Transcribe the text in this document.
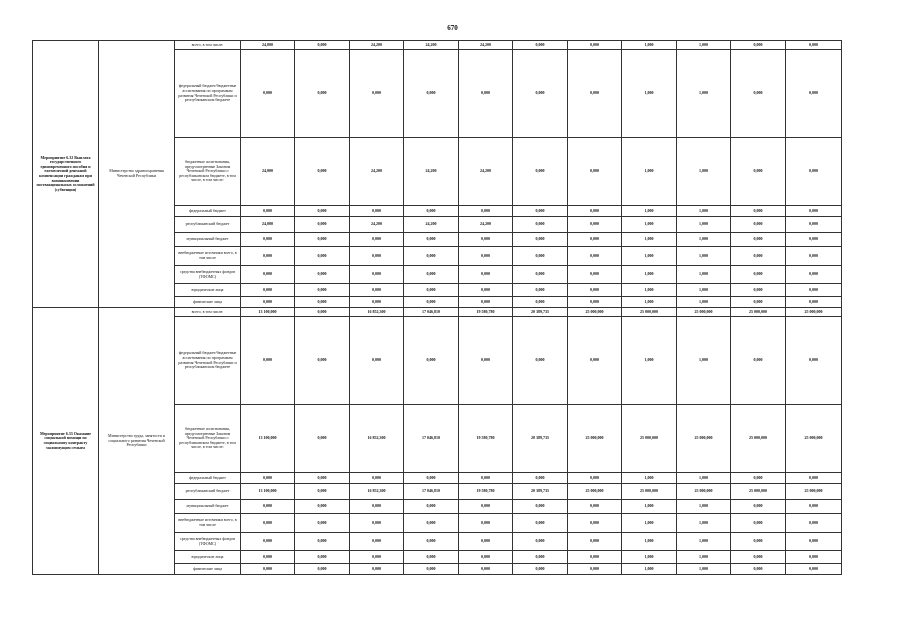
670
Мероприятие 6.32 Выплата государственного единовременного пособия и ежемесячной денежной компенсации гражданам при возникновении поствакцинальных осложнений (субвенции)	Министерство здравоохранения Чеченской Республики	всего, в том числе:	24,000	0,000	24,200	24,200	24,200	0,000	0,000	1,000	1,000	0,000	0,000
		федеральный бюджет/бюджетные ассигнования по программам развития Чеченской Республики и республиканском бюджете	0,000	0,000	0,000	0,000	0,000	0,000	0,000	1,000	1,000	0,000	0,000
		бюджетные ассигнования, предусмотренные Законом Чеченской Республики о республиканском бюджете, в том числе, в том числе:	24,000	0,000	24,200	24,200	24,200	0,000	0,000	1,000	1,000	0,000	0,000
		федеральный бюджет	0,000	0,000	0,000	0,000	0,000	0,000	0,000	1,000	1,000	0,000	0,000
		республиканский бюджет	24,000	0,000	24,200	24,200	24,200	0,000	0,000	1,000	1,000	0,000	0,000
		муниципальный бюджет	0,000	0,000	0,000	0,000	0,000	0,000	0,000	1,000	1,000	0,000	0,000
		внебюджетные источники всего, в том числе	0,000	0,000	0,000	0,000	0,000	0,000	0,000	1,000	1,000	0,000	0,000
		средства внебюджетных фондов (ТФОМС)	0,000	0,000	0,000	0,000	0,000	0,000	0,000	1,000	1,000	0,000	0,000
		юридические лица	0,000	0,000	0,000	0,000	0,000	0,000	0,000	1,000	1,000	0,000	0,000
		физические лица	0,000	0,000	0,000	0,000	0,000	0,000	0,000	1,000	1,000	0,000	0,000
Мероприятие 6.33 Оказание социальной помощи по социальному контракту малоимущим семьям	Министерство труда, занятости и социального развития Чеченской Республики	всего, в том числе:	13 100,000	0,000	16 852,300	17 046,810	19 580,780	20 389,735	25 000,000	25 000,000	25 000,000	25 000,000	25 000,000
		федеральный бюджет/бюджетные ассигнования по программам развития Чеченской Республики и республиканском бюджете	0,000	0,000	0,000	0,000	0,000	0,000	0,000	1,000	1,000	0,000	0,000
		бюджетные ассигнования, предусмотренные Законом Чеченской Республики о республиканском бюджете, в том числе, в том числе:	13 100,000	0,000	16 852,300	17 046,810	19 580,780	20 389,735	25 000,000	25 000,000	25 000,000	25 000,000	25 000,000
		федеральный бюджет	0,000	0,000	0,000	0,000	0,000	0,000	0,000	1,000	1,000	0,000	0,000
		республиканский бюджет	13 100,000	0,000	16 852,300	17 046,810	19 580,780	20 389,735	25 000,000	25 000,000	25 000,000	25 000,000	25 000,000
		муниципальный бюджет	0,000	0,000	0,000	0,000	0,000	0,000	0,000	1,000	1,000	0,000	0,000
		внебюджетные источники всего, в том числе	0,000	0,000	0,000	0,000	0,000	0,000	0,000	1,000	1,000	0,000	0,000
		средства внебюджетных фондов (ТФОМС)	0,000	0,000	0,000	0,000	0,000	0,000	0,000	1,000	1,000	0,000	0,000
		юридические лица	0,000	0,000	0,000	0,000	0,000	0,000	0,000	1,000	1,000	0,000	0,000
		физические лица	0,000	0,000	0,000	0,000	0,000	0,000	0,000	1,000	1,000	0,000	0,000
